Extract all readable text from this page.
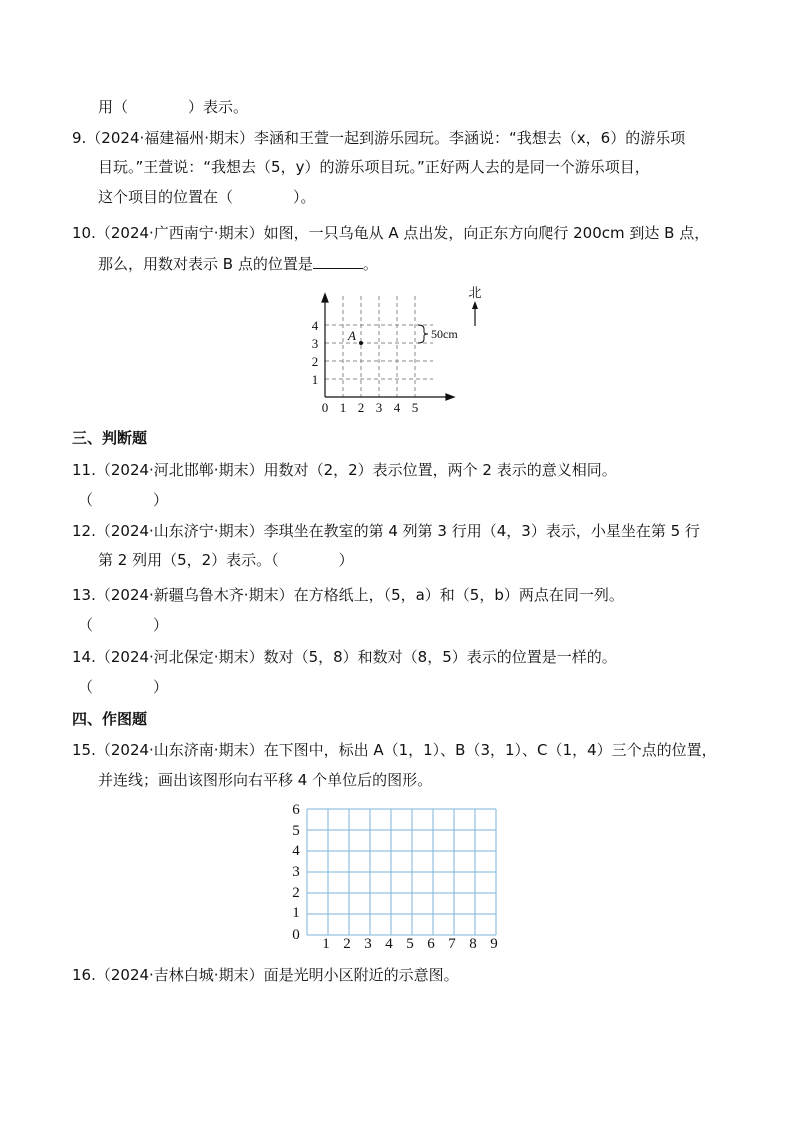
用（　　　　）表示。
9.（2024·福建福州·期末）李涵和王萱一起到游乐园玩。李涵说：“我想去（x，6）的游乐项
目玩。”王萱说：“我想去（5，y）的游乐项目玩。”正好两人去的是同一个游乐项目，
这个项目的位置在（　　　　）。
10.（2024·广西南宁·期末）如图，一只乌龟从 A 点出发，向正东方向爬行 200cm 到达 B 点，
那么，用数对表示 B 点的位置是	。
0 1 2 3 4 5
1
2
3
4
A	50cm
北
三、判断题
11.（2024·河北邯郸·期末）用数对（2，2）表示位置，两个 2 表示的意义相同。
（　　　　）
12.（2024·山东济宁·期末）李琪坐在教室的第 4 列第 3 行用（4，3）表示，小星坐在第 5 行
第 2 列用（5，2）表示。（　　　　）
13.（2024·新疆乌鲁木齐·期末）在方格纸上，（5，a）和（5，b）两点在同一列。
（　　　　）
14.（2024·河北保定·期末）数对（5，8）和数对（8，5）表示的位置是一样的。
（　　　　）
四、作图题
15.（2024·山东济南·期末）在下图中，标出 A（1，1）、B（3，1）、C（1，4）三个点的位置，
并连线；画出该图形向右平移 4 个单位后的图形。
0
1 2 3 4 5 6 7 8 9
1
2
3
4
5
6
16.（2024·吉林白城·期末）面是光明小区附近的示意图。
